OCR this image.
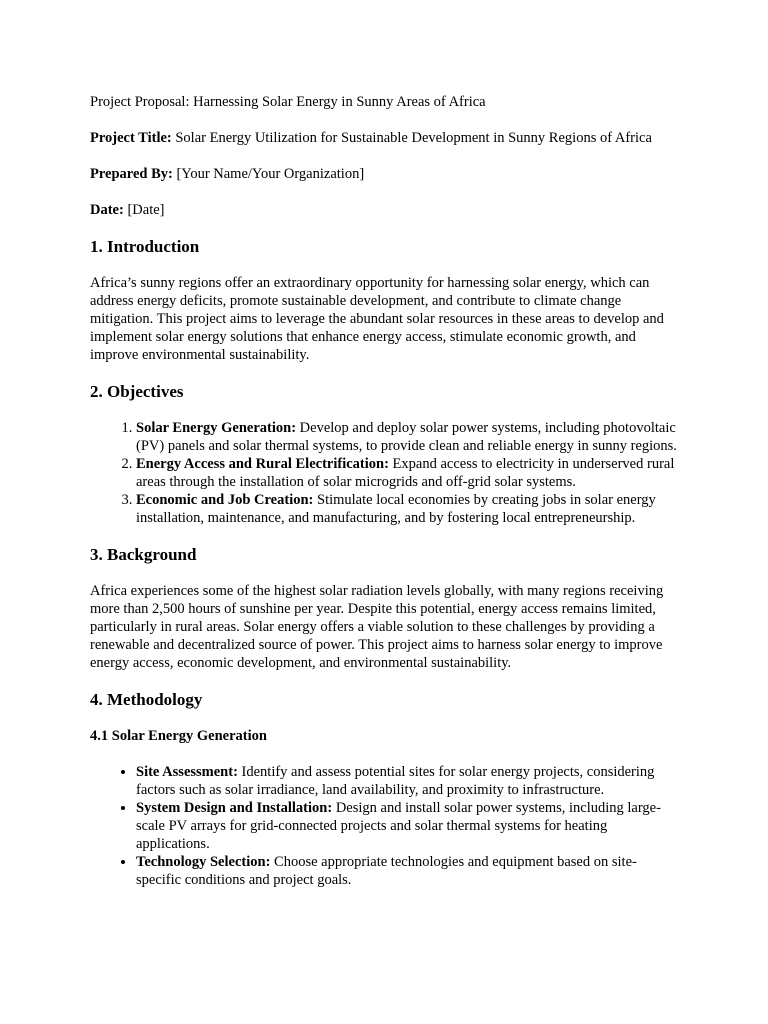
Project Proposal: Harnessing Solar Energy in Sunny Areas of Africa

Project Title: Solar Energy Utilization for Sustainable Development in Sunny Regions of Africa

Prepared By: [Your Name/Your Organization]

Date: [Date]

1. Introduction

Africa’s sunny regions offer an extraordinary opportunity for harnessing solar energy, which can address energy deficits, promote sustainable development, and contribute to climate change mitigation. This project aims to leverage the abundant solar resources in these areas to develop and implement solar energy solutions that enhance energy access, stimulate economic growth, and improve environmental sustainability.

2. Objectives
1. Solar Energy Generation: Develop and deploy solar power systems, including photovoltaic (PV) panels and solar thermal systems, to provide clean and reliable energy in sunny regions.
2. Energy Access and Rural Electrification: Expand access to electricity in underserved rural areas through the installation of solar microgrids and off-grid solar systems.
3. Economic and Job Creation: Stimulate local economies by creating jobs in solar energy installation, maintenance, and manufacturing, and by fostering local entrepreneurship.
3. Background

Africa experiences some of the highest solar radiation levels globally, with many regions receiving more than 2,500 hours of sunshine per year. Despite this potential, energy access remains limited, particularly in rural areas. Solar energy offers a viable solution to these challenges by providing a renewable and decentralized source of power. This project aims to harness solar energy to improve energy access, economic development, and environmental sustainability.

4. Methodology
4.1 Solar Energy Generation
• Site Assessment: Identify and assess potential sites for solar energy projects, considering factors such as solar irradiance, land availability, and proximity to infrastructure.
• System Design and Installation: Design and install solar power systems, including large-scale PV arrays for grid-connected projects and solar thermal systems for heating applications.
• Technology Selection: Choose appropriate technologies and equipment based on site-specific conditions and project goals.
